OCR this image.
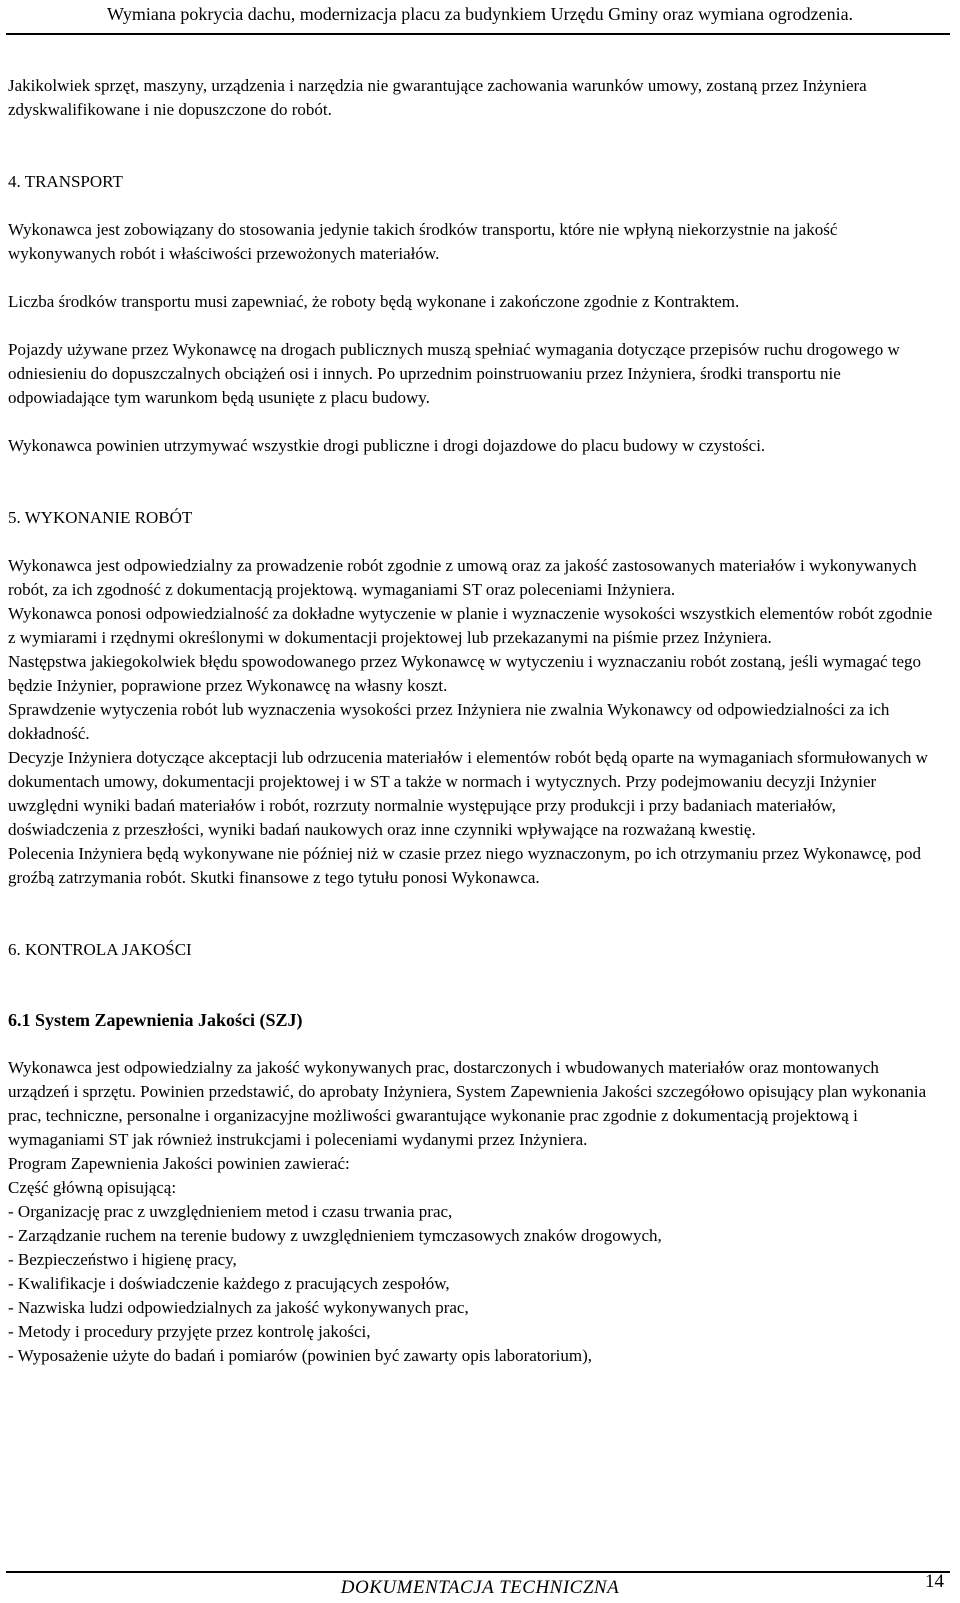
Wymiana pokrycia dachu, modernizacja placu za budynkiem Urzędu Gminy oraz wymiana ogrodzenia.

Jakikolwiek sprzęt, maszyny, urządzenia i narzędzia nie gwarantujące zachowania warunków umowy, zostaną przez Inżyniera zdyskwalifikowane i nie dopuszczone do robót.

4. TRANSPORT

Wykonawca jest zobowiązany do stosowania jedynie takich środków transportu, które nie wpłyną niekorzystnie na jakość wykonywanych robót i właściwości przewożonych materiałów.

Liczba środków transportu musi zapewniać, że roboty będą wykonane i zakończone zgodnie z Kontraktem.

Pojazdy używane przez Wykonawcę na drogach publicznych muszą spełniać wymagania dotyczące przepisów ruchu drogowego w odniesieniu do dopuszczalnych obciążeń osi i innych. Po uprzednim poinstruowaniu przez Inżyniera, środki transportu nie odpowiadające tym warunkom będą usunięte z placu budowy.

Wykonawca powinien utrzymywać wszystkie drogi publiczne i drogi dojazdowe do placu budowy w czystości.

5. WYKONANIE ROBÓT

Wykonawca jest odpowiedzialny za prowadzenie robót zgodnie z umową oraz za jakość zastosowanych materiałów i wykonywanych robót, za ich zgodność z dokumentacją projektową. wymaganiami ST oraz poleceniami Inżyniera.

Wykonawca ponosi odpowiedzialność za dokładne wytyczenie w planie i wyznaczenie wysokości wszystkich elementów robót zgodnie z wymiarami i rzędnymi określonymi w dokumentacji projektowej lub przekazanymi na piśmie przez Inżyniera.

Następstwa jakiegokolwiek błędu spowodowanego przez Wykonawcę w wytyczeniu i wyznaczaniu robót zostaną, jeśli wymagać tego będzie Inżynier, poprawione przez Wykonawcę na własny koszt.

Sprawdzenie wytyczenia robót lub wyznaczenia wysokości przez Inżyniera nie zwalnia Wykonawcy od odpowiedzialności za ich dokładność.

Decyzje Inżyniera dotyczące akceptacji lub odrzucenia materiałów i elementów robót będą oparte na wymaganiach sformułowanych w dokumentach umowy, dokumentacji projektowej i w ST a także w normach i wytycznych. Przy podejmowaniu decyzji Inżynier uwzględni wyniki badań materiałów i robót, rozrzuty normalnie występujące przy produkcji i przy badaniach materiałów, doświadczenia z przeszłości, wyniki badań naukowych oraz inne czynniki wpływające na rozważaną kwestię.

Polecenia Inżyniera będą wykonywane nie później niż w czasie przez niego wyznaczonym, po ich otrzymaniu przez Wykonawcę, pod groźbą zatrzymania robót. Skutki finansowe z tego tytułu ponosi Wykonawca.

6. KONTROLA JAKOŚCI
6.1 System Zapewnienia Jakości (SZJ)

Wykonawca jest odpowiedzialny za jakość wykonywanych prac, dostarczonych i wbudowanych materiałów oraz montowanych urządzeń i sprzętu. Powinien przedstawić, do aprobaty Inżyniera, System Zapewnienia Jakości szczegółowo opisujący plan wykonania prac, techniczne, personalne i organizacyjne możliwości gwarantujące wykonanie prac zgodnie z dokumentacją projektową i wymaganiami ST jak również instrukcjami i poleceniami wydanymi przez Inżyniera.

Program Zapewnienia Jakości powinien zawierać:

Część główną opisującą:

- Organizację prac z uwzględnieniem metod i czasu trwania prac,
- Zarządzanie ruchem na terenie budowy z uwzględnieniem tymczasowych znaków drogowych,
- Bezpieczeństwo i higienę pracy,
- Kwalifikacje i doświadczenie każdego z pracujących zespołów,
- Nazwiska ludzi odpowiedzialnych za jakość wykonywanych prac,
- Metody i procedury przyjęte przez kontrolę jakości,
- Wyposażenie użyte do badań i pomiarów (powinien być zawarty opis laboratorium),
DOKUMENTACJA TECHNICZNA	14
